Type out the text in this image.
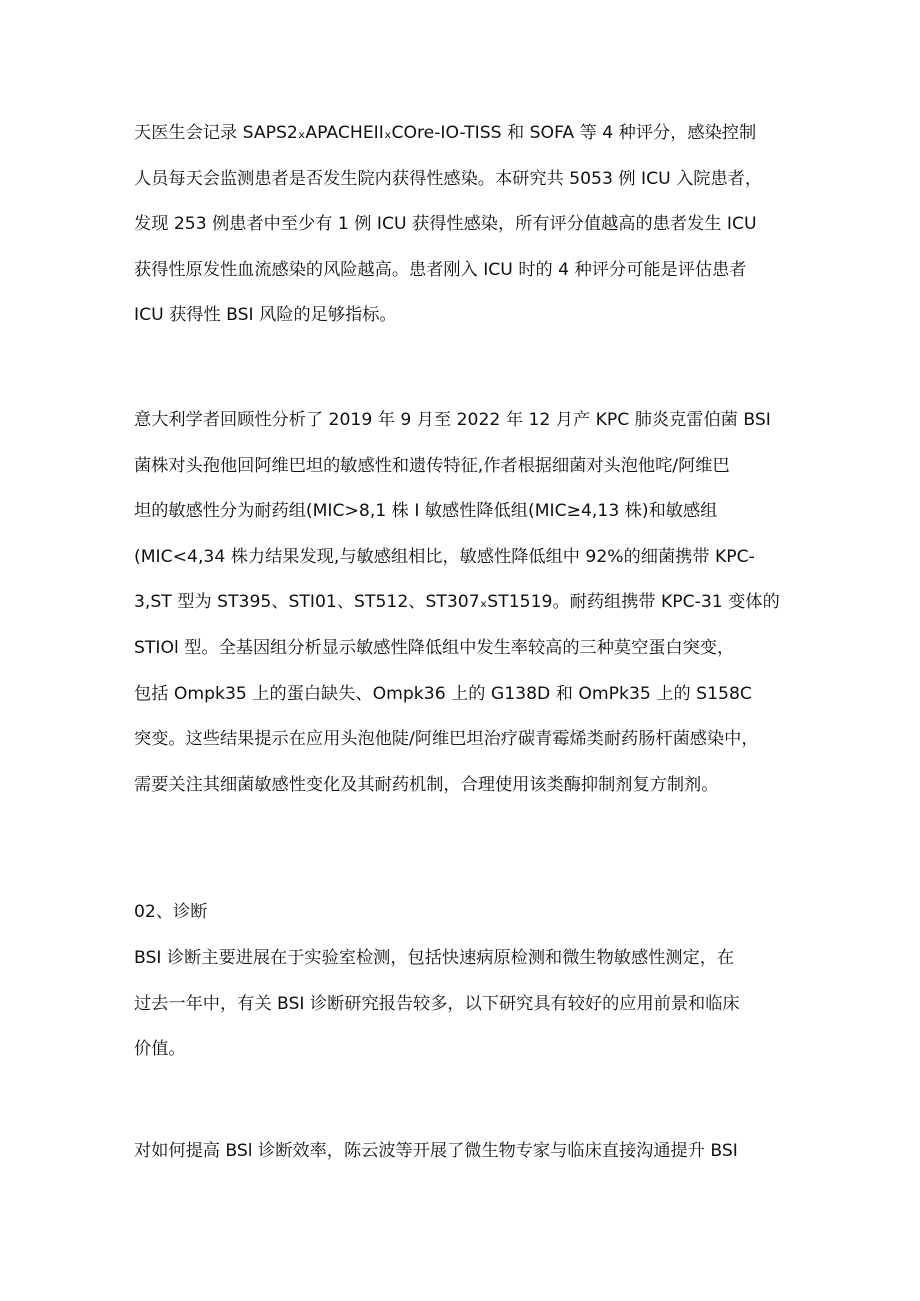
天医生会记录 SAPS2ₓAPACHEIIₓCOre-IO-TISS 和 SOFA 等 4 种评分，感染控制
人员每天会监测患者是否发生院内获得性感染。本研究共 5053 例 ICU 入院患者，
发现 253 例患者中至少有 1 例 ICU 获得性感染，所有评分值越高的患者发生 ICU
获得性原发性血流感染的风险越高。患者刚入 ICU 时的 4 种评分可能是评估患者
ICU 获得性 BSI 风险的足够指标。
意大利学者回顾性分析了 2019 年 9 月至 2022 年 12 月产 KPC 肺炎克雷伯菌 BSI
菌株对头孢他回阿维巴坦的敏感性和遗传特征,作者根据细菌对头泡他咤/阿维巴
坦的敏感性分为耐药组(MIC>8,1 株 I 敏感性降低组(MIC≥4,13 株)和敏感组
(MIC<4,34 株力结果发现,与敏感组相比，敏感性降低组中 92%的细菌携带 KPC-
3,ST 型为 ST395、STI01、ST512、ST307ₓST1519。耐药组携带 KPC-31 变体的
STIOl 型。全基因组分析显示敏感性降低组中发生率较高的三种莫空蛋白突变，
包括 Ompk35 上的蛋白缺失、Ompk36 上的 G138D 和 OmPk35 上的 S158C
突变。这些结果提示在应用头泡他陡/阿维巴坦治疗碳青霉烯类耐药肠杆菌感染中，
需要关注其细菌敏感性变化及其耐药机制，合理使用该类酶抑制剂复方制剂。
02、诊断
BSI 诊断主要进展在于实验室检测，包括快速病原检测和微生物敏感性测定，在
过去一年中，有关 BSI 诊断研究报告较多，以下研究具有较好的应用前景和临床
价值。
对如何提高 BSl 诊断效率，陈云波等开展了微生物专家与临床直接沟通提升 BSI
